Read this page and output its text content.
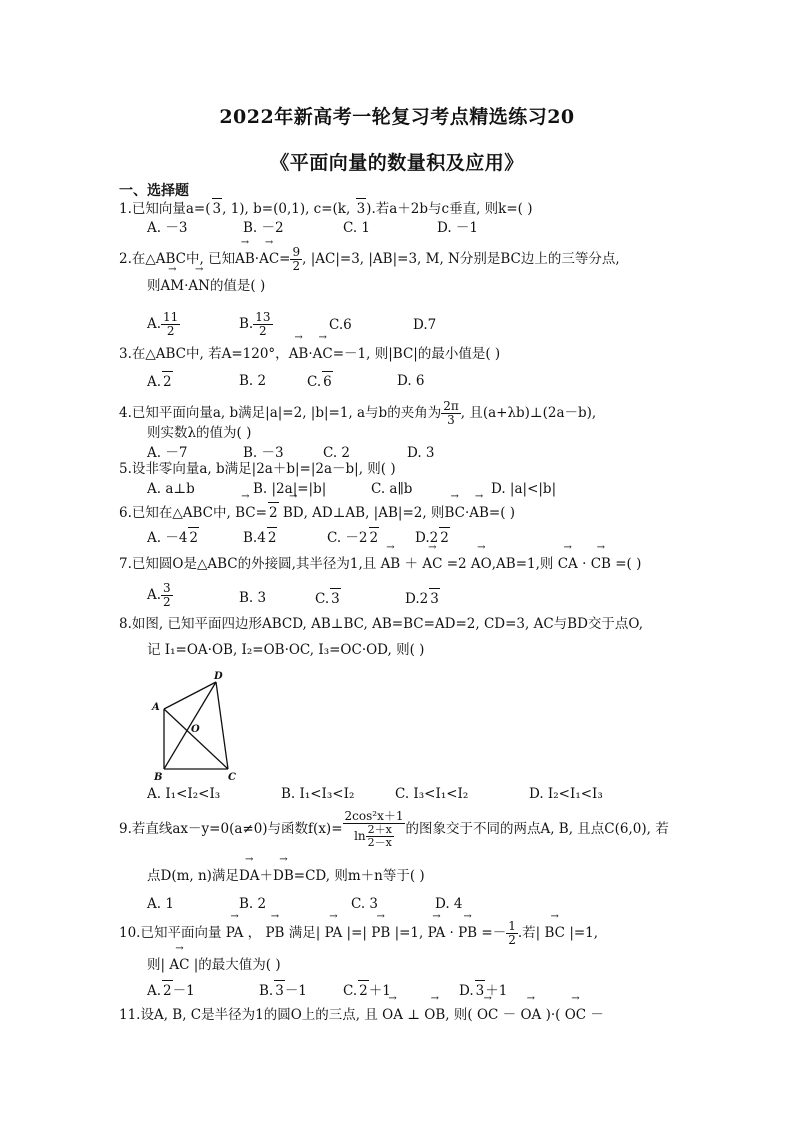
2022年新高考一轮复习考点精选练习20
《平面向量的数量积及应用》
一、选择题
1.已知向量a=( 3, 1), b=(0,1), c=(k, 3).若a＋2b与c垂直, 则k=( )
A. －3	B. －2	C. 1	D. －1
2.在△ABC中, 已知→ $AB\cdot\to AC= \frac{9}{2}$ , |AC|=3, |AB|=3, M, N分别是BC边上的三等分点,
则→ AM·→ AN的值是( )
A. $\frac{11}{2}$	B. $\frac{13}{2}$	C.6	D.7
3.在△ABC中, 若A=120°，→ AB·→ AC=－1, 则|BC|的最小值是( )
A. 2	B. 2	C. 6	D. 6
4.已知平面向量a, b满足|a|=2, |b|=1, a与b的夹角为 $\frac{2\pi}{3}$ , 且(a+λb)⊥(2a－b),
则实数λ的值为( )
A. －7	B. －3	C. 2	D. 3
5.设非零向量a, b满足|2a＋b|=|2a－b|, 则( )
A. a⊥b	B. |2a|=|b|	C. a∥b	D. |a|<|b|
6.已知在△ABC中, → BC= 2 → BD, AD⊥AB, |AB|=2, 则→ BC·→ AB=( )
A. －4 2	B.4 2	C. －2 2	D.2 2
7.已知圆O是△ABC的外接圆,其半径为1,且 → AB ＋ → AC =2 → AO,AB=1,则 → CA · → CB =( )
A. $\frac{3}{2}$	B. 3	C. 3	D.2 3
8.如图, 已知平面四边形ABCD, AB⊥BC, AB=BC=AD=2, CD=3, AC与BD交于点O,
记 I₁=OA·OB, I₂=OB·OC, I₃=OC·OD, 则( )
A
B	C
D
O
A. I₁<I₂<I₃	B. I₁<I₃<I₂	C. I₃<I₁<I₂	D. I₂<I₁<I₃
9.若直线ax－y=0(a≠0)与函数$f(x)= \frac{\text{2cos²x＋1}}{\ln \frac{2+x}{2-x}}$ 的图象交于不同的两点A, B, 且点C(6,0), 若
点D(m, n)满足→ DA＋→ DB=CD, 则m＋n等于( )
A. 1	B. 2	C. 3	D. 4
10.已知平面向量 → PA ， → PB 满足| → PA |=| → PB |=1, → PA · → PB =－ $\frac{1}{2}$ .若| → BC |=1,
则| → AC |的最大值为( )
A. 2－1	B. 3－1	C. 2＋1	D. 3＋1
11.设A, B, C是半径为1的圆O上的三点, 且 → OA ⊥ → OB, 则( → OC － → OA )·( → OC －
